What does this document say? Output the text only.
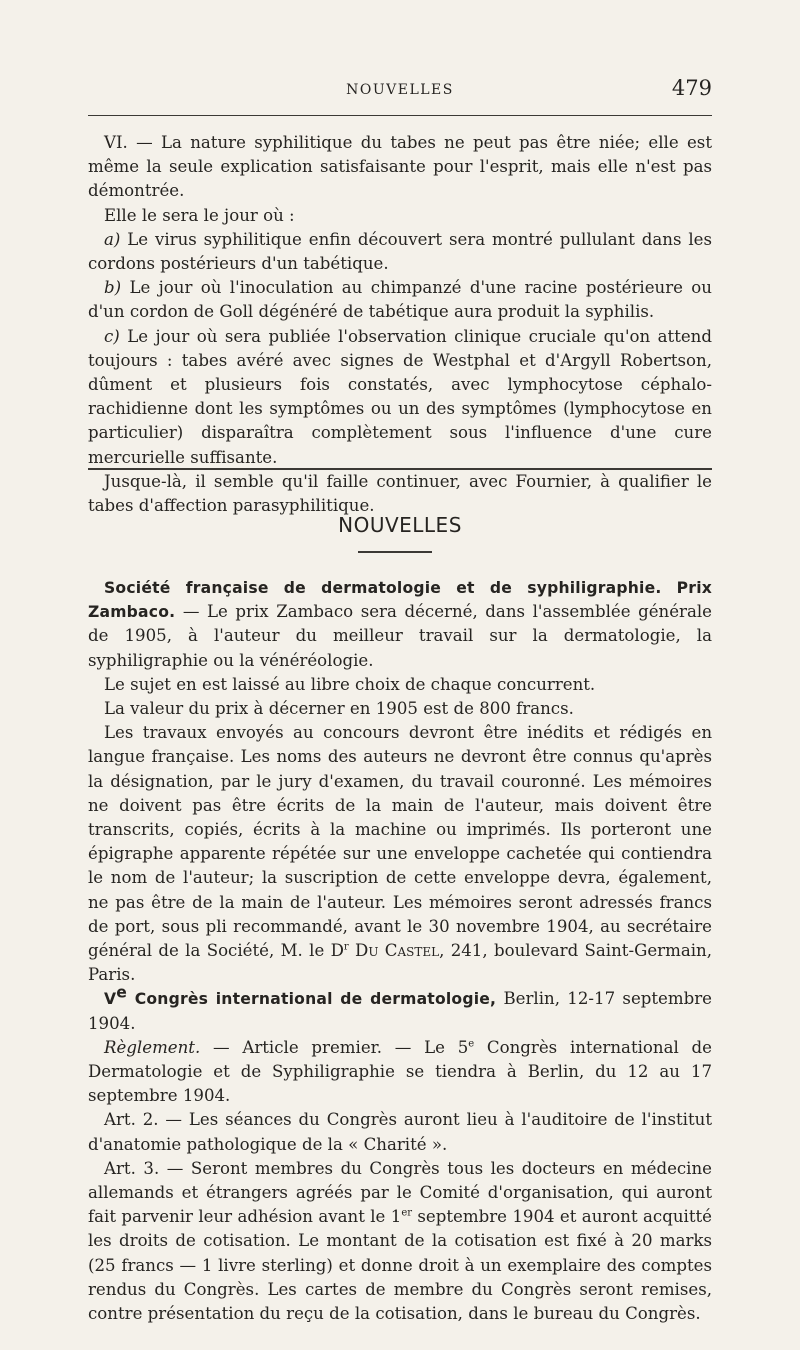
NOUVELLES	479

VI. — La nature syphilitique du tabes ne peut pas être niée; elle est même la seule explication satisfaisante pour l'esprit, mais elle n'est pas démontrée.

Elle le sera le jour où :

a) Le virus syphilitique enfin découvert sera montré pullulant dans les cordons postérieurs d'un tabétique.

b) Le jour où l'inoculation au chimpanzé d'une racine postérieure ou d'un cordon de Goll dégénéré de tabétique aura produit la syphilis.

c) Le jour où sera publiée l'observation clinique cruciale qu'on attend toujours : tabes avéré avec signes de Westphal et d'Argyll Robertson, dûment et plusieurs fois constatés, avec lymphocytose céphalo-rachidienne dont les symptômes ou un des symptômes (lymphocytose en particulier) disparaîtra complètement sous l'influence d'une cure mercurielle suffisante.

Jusque-là, il semble qu'il faille continuer, avec Fournier, à qualifier le tabes d'affection parasyphilitique.

Société française de dermatologie et de syphiligraphie. Prix Zambaco. — Le prix Zambaco sera décerné, dans l'assemblée générale de 1905, à l'auteur du meilleur travail sur la dermatologie, la syphiligraphie ou la vénéréologie.

Le sujet en est laissé au libre choix de chaque concurrent.

La valeur du prix à décerner en 1905 est de 800 francs.

Les travaux envoyés au concours devront être inédits et rédigés en langue française. Les noms des auteurs ne devront être connus qu'après la désignation, par le jury d'examen, du travail couronné. Les mémoires ne doivent pas être écrits de la main de l'auteur, mais doivent être transcrits, copiés, écrits à la machine ou imprimés. Ils porteront une épigraphe apparente répétée sur une enveloppe cachetée qui contiendra le nom de l'auteur; la suscription de cette enveloppe devra, également, ne pas être de la main de l'auteur. Les mémoires seront adressés francs de port, sous pli recommandé, avant le 30 novembre 1904, au secrétaire général de la Société, M. le $D^r$ Du Castel, 241, boulevard Saint-Germain, Paris.

Ve Congrès international de dermatologie, Berlin, 12-17 septembre 1904.

Règlement. — Article premier. — Le 5e Congrès international de Dermatologie et de Syphiligraphie se tiendra à Berlin, du 12 au 17 septembre 1904.

Art. 2. — Les séances du Congrès auront lieu à l'auditoire de l'institut d'anatomie pathologique de la « Charité ».

Art. 3. — Seront membres du Congrès tous les docteurs en médecine allemands et étrangers agréés par le Comité d'organisation, qui auront fait parvenir leur adhésion avant le 1er septembre 1904 et auront acquitté les droits de cotisation. Le montant de la cotisation est fixé à 20 marks (25 francs — 1 livre sterling) et donne droit à un exemplaire des comptes rendus du Congrès. Les cartes de membre du Congrès seront remises, contre présentation du reçu de la cotisation, dans le bureau du Congrès.

NOUVELLES
